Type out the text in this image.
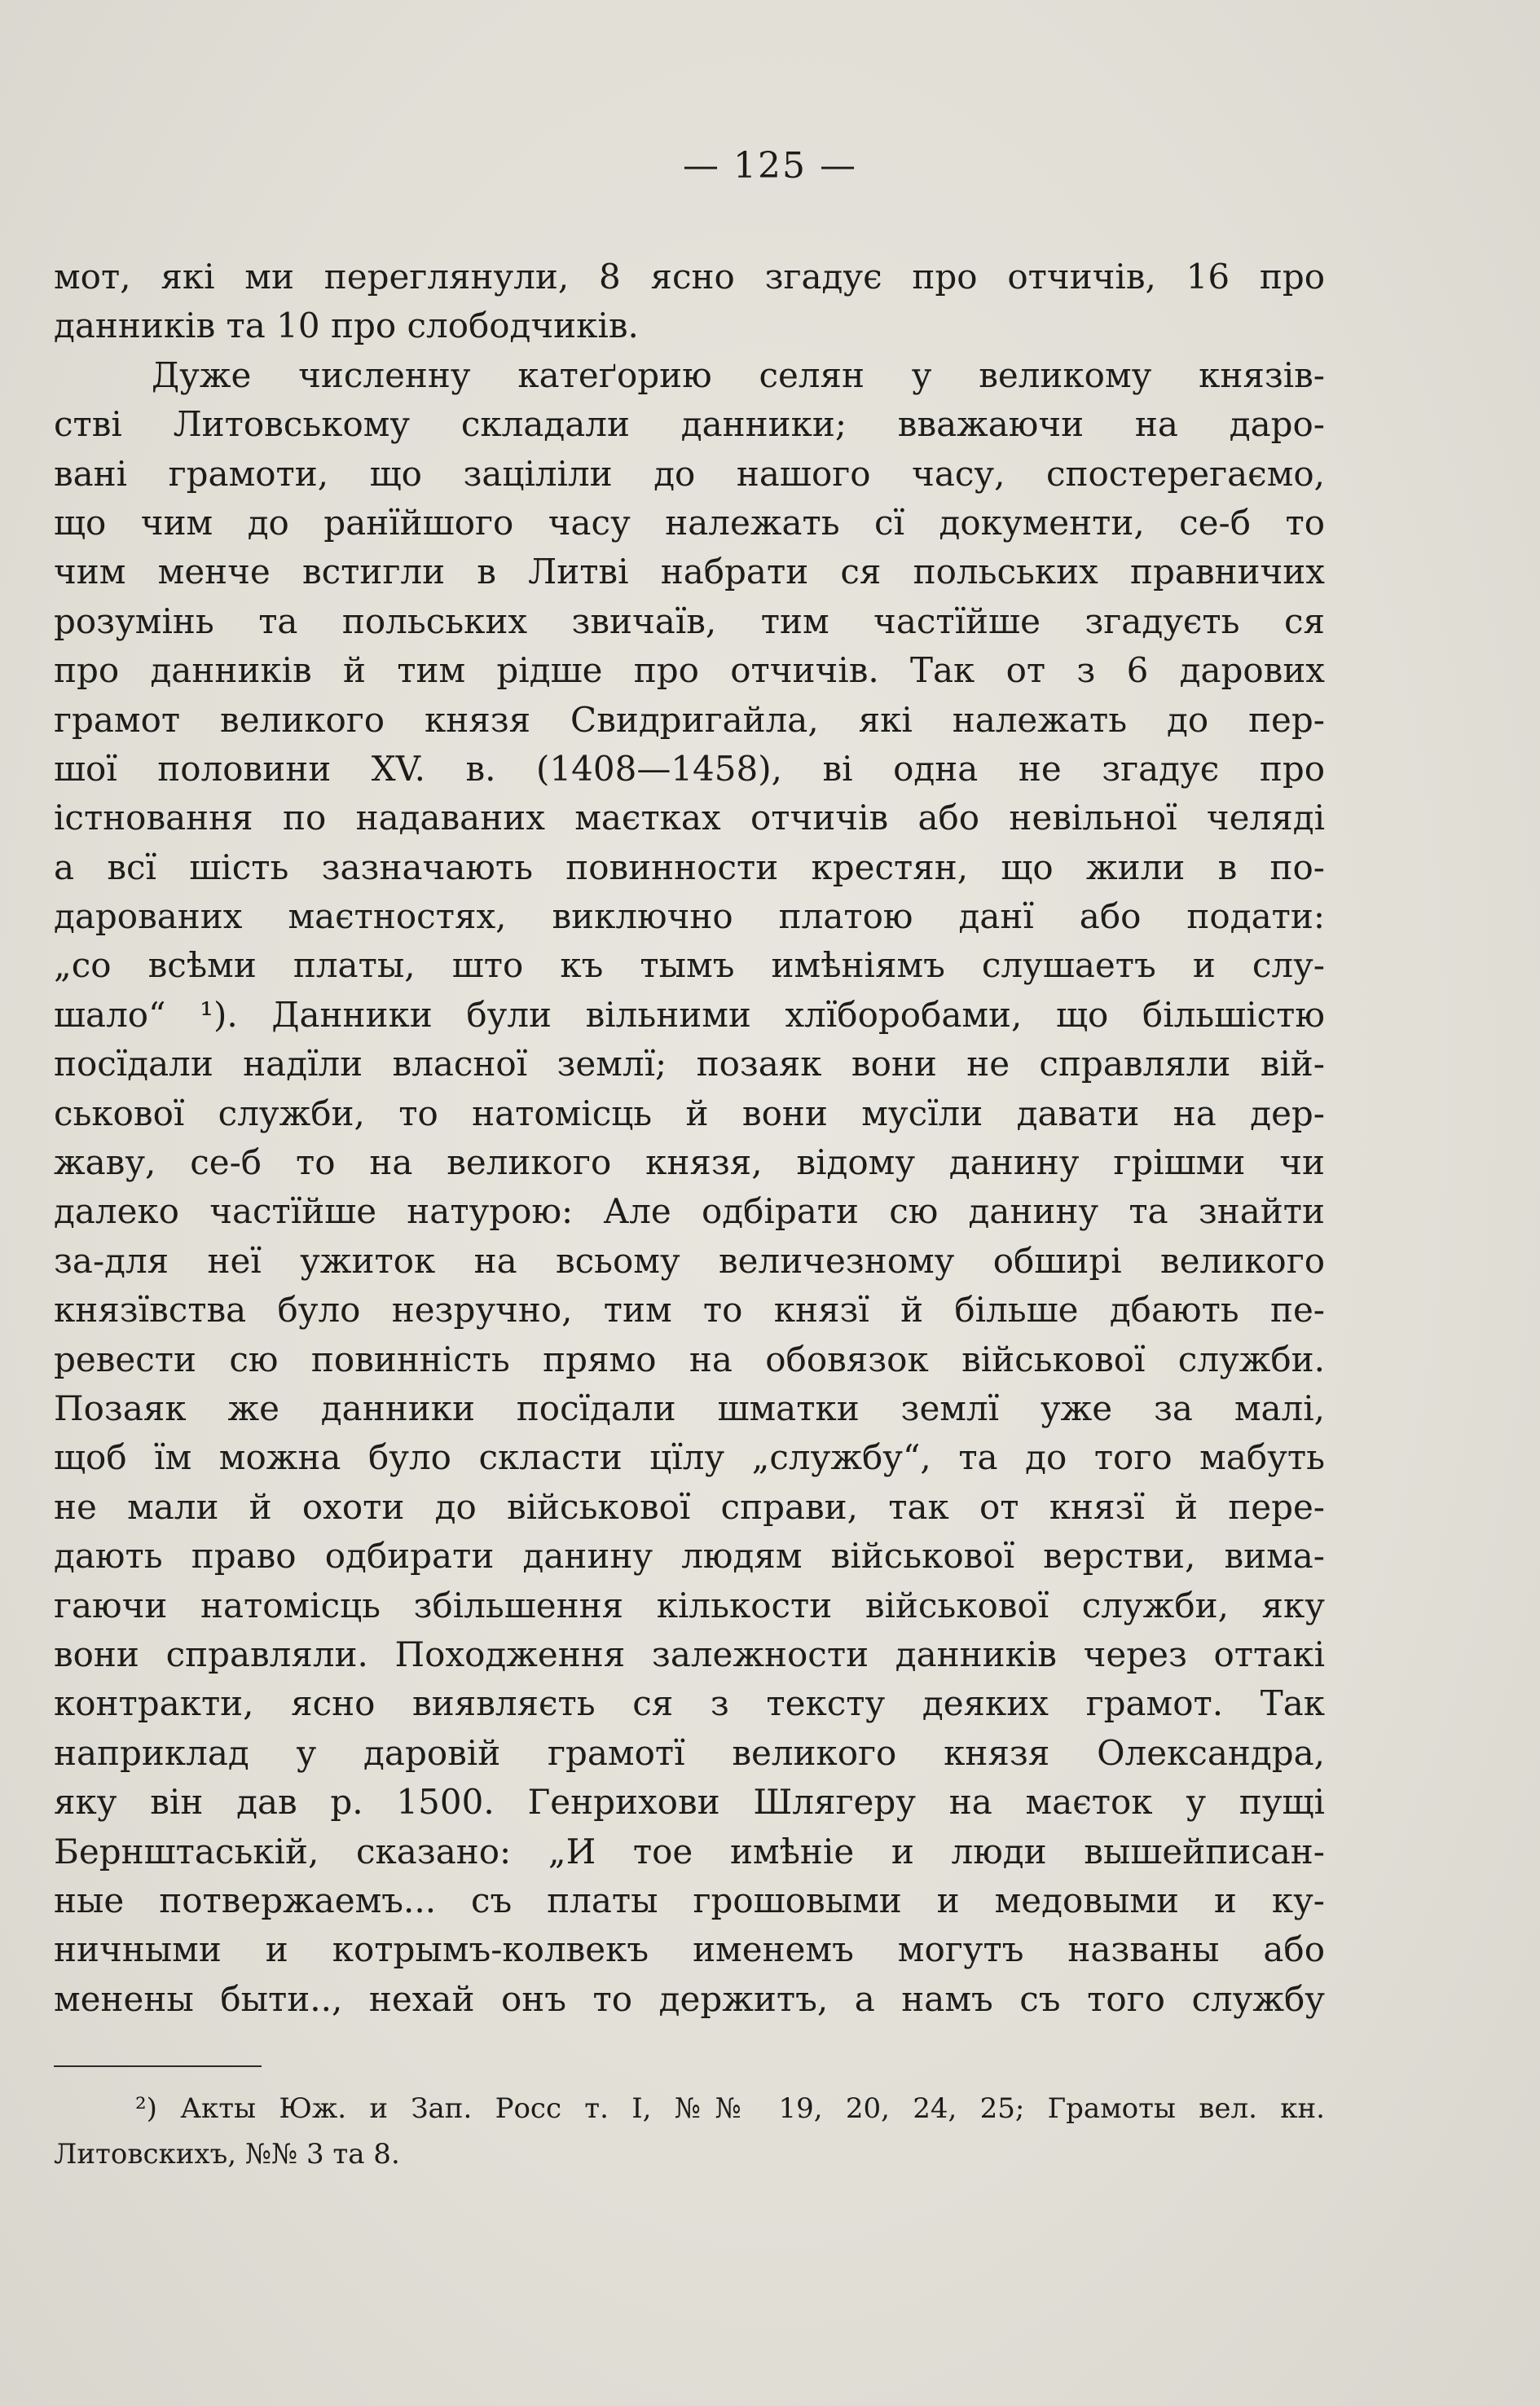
— 125 —
мот, які ми переглянули, 8 ясно згадує про отчичів, 16 про
данників та 10 про слободчиків.
Дуже численну катеґорию селян у великому князів-
стві Литовському складали данники; вважаючи на даро-
вані грамоти, що заціліли до нашого часу, спостерегаємо,
що чим до ранїйшого часу належать сї документи, се-б то
чим менче встигли в Литві набрати ся польських правничих
розумінь та польських звичаїв, тим частїйше згадуєть ся
про данників й тим рідше про отчичів. Так от з 6 дарових
грамот великого князя Свидригайла, які належать до пер-
шої половини XV. в. (1408—1458), ві одна не згадує про
істновання по надаваних маєтках отчичів або невільної челяді
а всї шість зазначають повинности крестян, що жили в по-
дарованих маєтностях, виключно платою данї або подати:
„со всѣми платы, што къ тымъ имѣніямъ слушаетъ и слу-
шало“ ¹). Данники були вільними хлїборобами, що більшістю
посїдали надїли власної землї; позаяк вони не справляли вій-
ськової служби, то натомісць й вони мусїли давати на дер-
жаву, се-б то на великого князя, відому данину грішми чи
далеко частїйше натурою: Але одбірати сю данину та знайти
за-для неї ужиток на всьому величезному обширі великого
князївства було незручно, тим то князї й більше дбають пе-
ревести сю повинність прямо на обовязок військової служби.
Позаяк же данники посїдали шматки землї уже за малі,
щоб їм можна було скласти цїлу „службу“, та до того мабуть
не мали й охоти до військової справи, так от князї й пере-
дають право одбирати данину людям військової верстви, вима-
гаючи натомісць збільшення кількости військової служби, яку
вони справляли. Походження залежности данників через оттакі
контракти, ясно виявляєть ся з тексту деяких грамот. Так
наприклад у даровій грамотї великого князя Олександра,
яку він дав р. 1500. Генрихови Шлягеру на маєток у пущі
Бернштаській, сказано: „И тое имѣніе и люди вышейписан-
ные потвержаемъ... съ платы грошовыми и медовыми и ку-
ничными и котрымъ-колвекъ именемъ могутъ названы або
менены быти.., нехай онъ то держитъ, а намъ съ того службу
²) Акты Юж. и Зап. Росс т. I, №№ 19, 20, 24, 25; Грамоты вел. кн.
Литовскихъ, №№ 3 та 8.
